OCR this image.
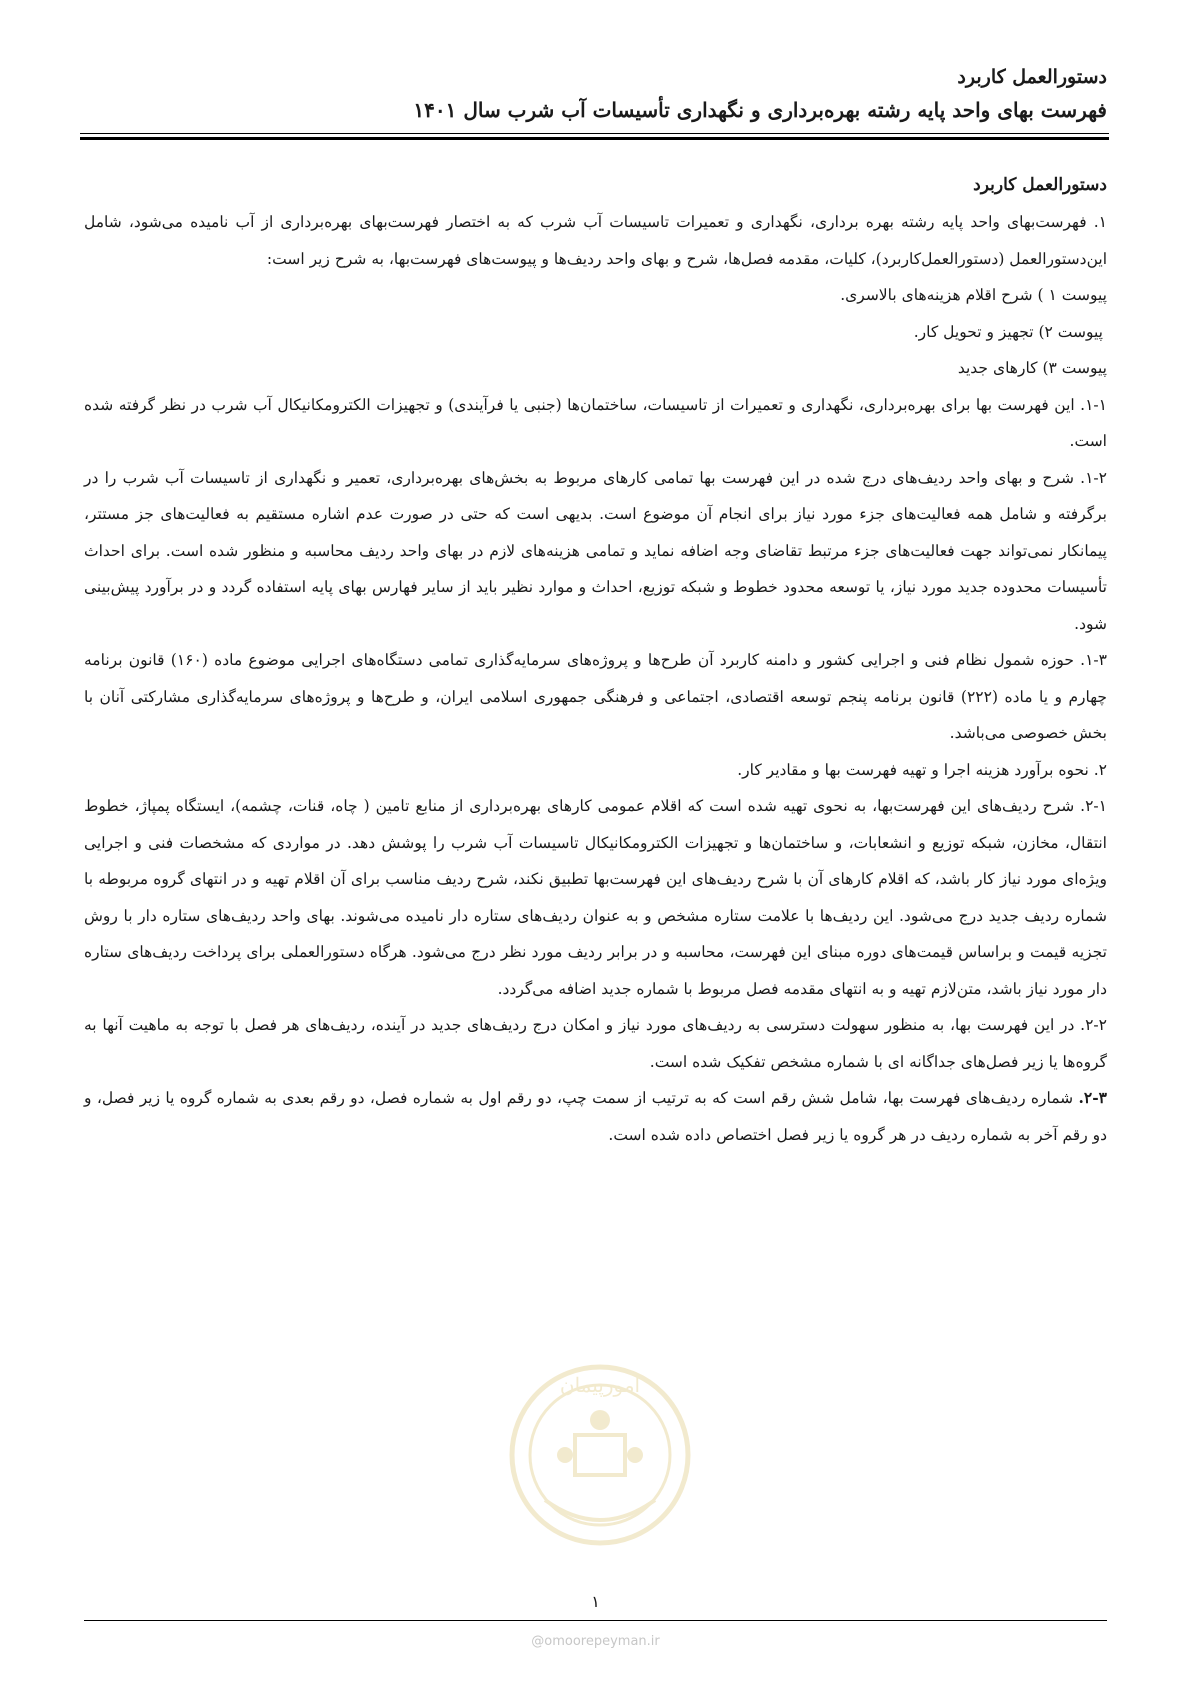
دستورالعمل کاربرد
فهرست بهای واحد پایه رشته بهره‌برداری و نگهداری تأسیسات آب شرب سال ۱۴۰۱
دستورالعمل کاربرد

۱. فهرست‌بهای واحد پایه رشته بهره برداری، نگهداری و تعمیرات تاسیسات آب شرب که به اختصار فهرست‌بهای بهره‌برداری از آب نامیده می‌شود، شامل این‌دستورالعمل (دستورالعمل‌کاربرد)، کلیات، مقدمه فصل‌ها، شرح و بهای واحد ردیف‌ها و پیوست‌های فهرست‌بها، به شرح زیر است:

پیوست ۱ ) شرح اقلام هزینه‌های بالاسری.

پیوست ۲) تجهیز و تحویل کار.

پیوست ۳) کارهای جدید

۱-۱. این فهرست بها برای بهره‌برداری، نگهداری و تعمیرات از تاسیسات، ساختمان‌ها (جنبی یا فرآیندی) و تجهیزات الکترومکانیکال آب شرب در نظر گرفته شده است.

۱-۲. شرح و بهای واحد ردیف‌های درج شده در این فهرست بها تمامی کارهای مربوط به بخش‌های بهره‌برداری، تعمیر و نگهداری از تاسیسات آب شرب را در برگرفته و شامل همه فعالیت‌های جزء مورد نیاز برای انجام آن موضوع است. بدیهی است که حتی در صورت عدم اشاره مستقیم به فعالیت‌های جز مستتر، پیمانکار نمی‌تواند جهت فعالیت‌های جزء مرتبط تقاضای وجه اضافه نماید و تمامی هزینه‌های لازم در بهای واحد ردیف محاسبه و منظور شده است. برای احداث تأسیسات محدوده جدید مورد نیاز، یا توسعه محدود خطوط و شبکه توزیع، احداث و موارد نظیر باید از سایر فهارس بهای پایه استفاده گردد و در برآورد پیش‌بینی شود.

۱-۳. حوزه شمول نظام فنی و اجرایی کشور و دامنه کاربرد آن طرح‌ها و پروژه‌های سرمایه‌گذاری تمامی دستگاه‌های اجرایی موضوع ماده (۱۶۰) قانون برنامه چهارم و یا ماده (۲۲۲) قانون برنامه پنجم توسعه اقتصادی، اجتماعی و فرهنگی جمهوری اسلامی ایران، و طرح‌ها و پروژه‌های سرمایه‌گذاری مشارکتی آنان با بخش خصوصی می‌باشد.

۲. نحوه برآورد هزینه اجرا و تهیه فهرست بها و مقادیر کار.

۲-۱. شرح ردیف‌های این فهرست‌بها، به نحوی تهیه شده است که اقلام عمومی کارهای بهره‌برداری از منابع تامین ( چاه، قنات، چشمه)، ایستگاه پمپاژ، خطوط انتقال، مخازن، شبکه توزیع و انشعابات، و ساختمان‌ها و تجهیزات الکترومکانیکال تاسیسات آب شرب را پوشش دهد. در مواردی که مشخصات فنی و اجرایی ویژه‌ای مورد نیاز کار باشد، که اقلام کارهای آن با شرح ردیف‌های این فهرست‌بها تطبیق نکند، شرح ردیف مناسب برای آن اقلام تهیه و در انتهای گروه مربوطه با شماره ردیف جدید درج می‌شود. این ردیف‌ها با علامت ستاره مشخص و به عنوان ردیف‌های ستاره دار نامیده می‌شوند. بهای واحد ردیف‌های ستاره دار با روش تجزیه قیمت و براساس قیمت‌های دوره مبنای این فهرست، محاسبه و در برابر ردیف مورد نظر درج می‌شود. هرگاه دستورالعملی برای پرداخت ردیف‌های ستاره دار مورد نیاز باشد، متن‌لازم تهیه و به انتهای مقدمه فصل مربوط با شماره جدید اضافه می‌گردد.

۲-۲. در این فهرست بها، به منظور سهولت دسترسی به ردیف‌های مورد نیاز و امکان درج ردیف‌های جدید در آینده، ردیف‌های هر فصل با توجه به ماهیت آنها به گروه‌ها یا زیر فصل‌های جداگانه ای با شماره مشخص تفکیک شده است.

۲-۳. شماره ردیف‌های فهرست بها، شامل شش رقم است که به ترتیب از سمت چپ، دو رقم اول به شماره فصل، دو رقم بعدی به شماره گروه یا زیر فصل، و دو رقم آخر به شماره ردیف در هر گروه یا زیر فصل اختصاص داده شده است.

امورپیمان
۱
@omoorepeyman.ir
